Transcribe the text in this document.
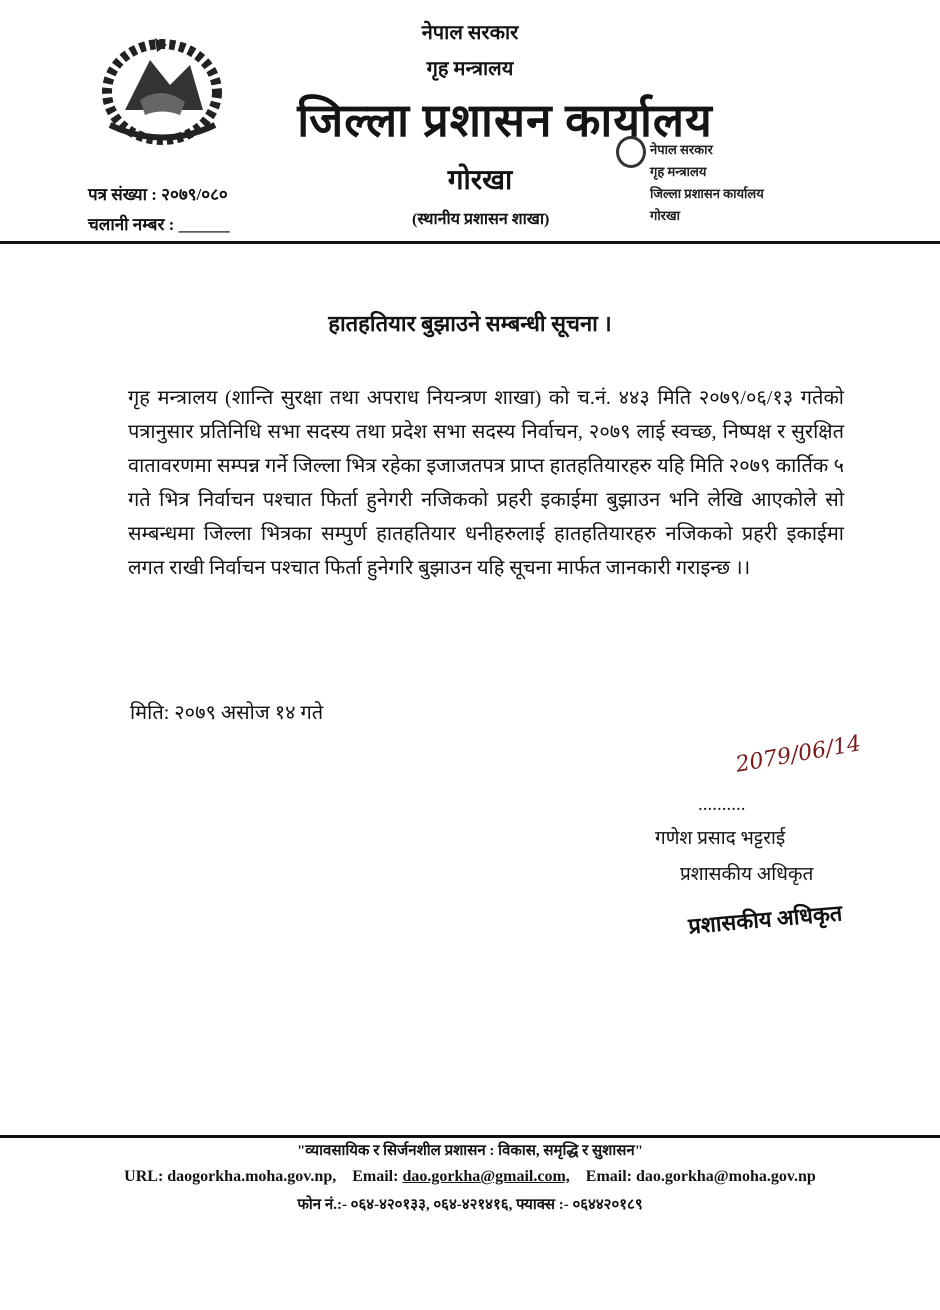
नेपाल सरकार
गृह मन्त्रालय
जिल्ला प्रशासन कार्यालय
गोरखा
(स्थानीय प्रशासन शाखा)
पत्र संख्या : २०७९/०८०
चलानी नम्बर : ______
नेपाल सरकार
गृह मन्त्रालय
जिल्ला प्रशासन कार्यालय
गोरखा
हातहतियार बुझाउने सम्बन्धी सूचना ।
गृह मन्त्रालय (शान्ति सुरक्षा तथा अपराध नियन्त्रण शाखा) को च.नं. ४४३ मिति २०७९/०६/१३ गतेको पत्रानुसार प्रतिनिधि सभा सदस्य तथा प्रदेश सभा सदस्य निर्वाचन, २०७९ लाई स्वच्छ, निष्पक्ष र सुरक्षित वातावरणमा सम्पन्न गर्ने जिल्ला भित्र रहेका इजाजतपत्र प्राप्त हातहतियारहरु यहि मिति २०७९ कार्तिक ५ गते भित्र निर्वाचन पश्चात फिर्ता हुनेगरी नजिकको प्रहरी इकाईमा बुझाउन भनि लेखि आएकोले सो सम्बन्धमा जिल्ला भित्रका सम्पुर्ण हातहतियार धनीहरुलाई हातहतियारहरु नजिकको प्रहरी इकाईमा लगत राखी निर्वाचन पश्चात फिर्ता हुनेगरि बुझाउन यहि सूचना मार्फत जानकारी गराइन्छ ।।
मिति: २०७९ असोज १४ गते
2079/06/14
..........
गणेश प्रसाद भट्टराई
प्रशासकीय अधिकृत
प्रशासकीय अधिकृत
"व्यावसायिक र सिर्जनशील प्रशासन : विकास, समृद्धि र सुशासन"
URL: daogorkha.moha.gov.np, Email: dao.gorkha@gmail.com, Email: dao.gorkha@moha.gov.np
फोन नं.:- ०६४-४२०१३३, ०६४-४२१४१६, फ्याक्स :- ०६४४२०१८९
